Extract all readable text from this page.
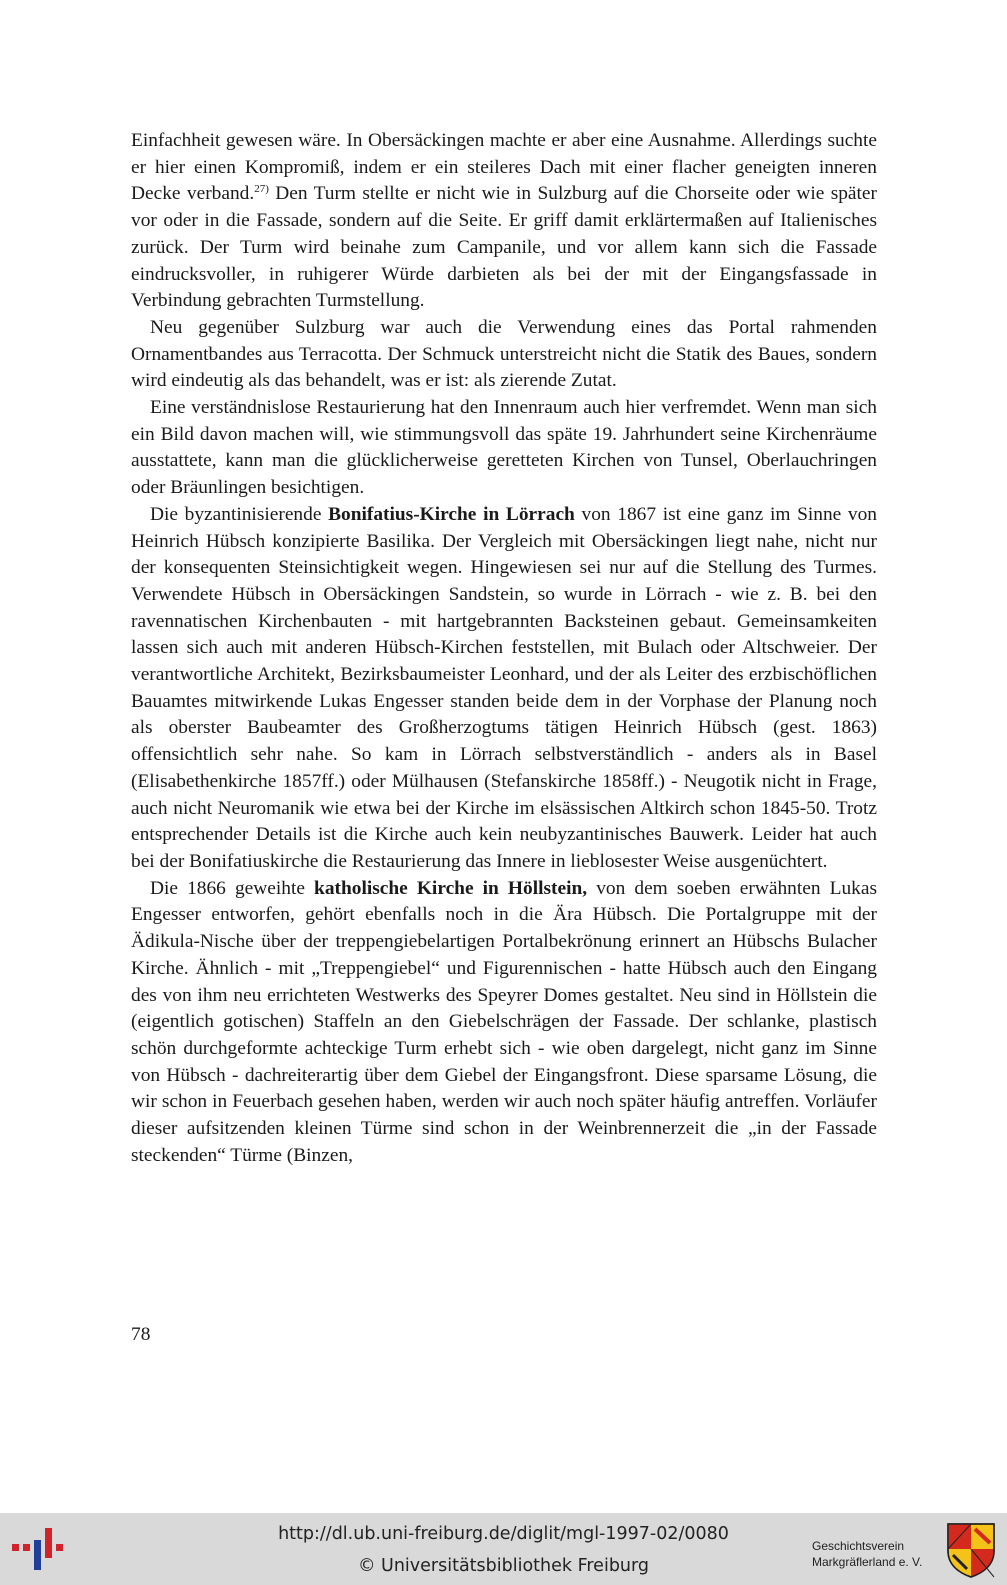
Einfachheit gewesen wäre. In Obersäckingen machte er aber eine Ausnahme. Allerdings suchte er hier einen Kompromiß, indem er ein steileres Dach mit einer flacher geneigten inneren Decke verband.$^{27)}$ Den Turm stellte er nicht wie in Sulzburg auf die Chorseite oder wie später vor oder in die Fassade, sondern auf die Seite. Er griff damit erklärtermaßen auf Italienisches zurück. Der Turm wird beinahe zum Campanile, und vor allem kann sich die Fassade eindrucksvoller, in ruhigerer Würde darbieten als bei der mit der Eingangsfassade in Verbindung gebrachten Turmstellung.

Neu gegenüber Sulzburg war auch die Verwendung eines das Portal rahmenden Ornamentbandes aus Terracotta. Der Schmuck unterstreicht nicht die Statik des Baues, sondern wird eindeutig als das behandelt, was er ist: als zierende Zutat.

Eine verständnislose Restaurierung hat den Innenraum auch hier verfremdet. Wenn man sich ein Bild davon machen will, wie stimmungsvoll das späte 19. Jahrhundert seine Kirchenräume ausstattete, kann man die glücklicherweise geretteten Kirchen von Tunsel, Oberlauchringen oder Bräunlingen besichtigen.

Die byzantinisierende Bonifatius-Kirche in Lörrach von 1867 ist eine ganz im Sinne von Heinrich Hübsch konzipierte Basilika. Der Vergleich mit Obersäckingen liegt nahe, nicht nur der konsequenten Steinsichtigkeit wegen. Hingewiesen sei nur auf die Stellung des Turmes. Verwendete Hübsch in Obersäckingen Sandstein, so wurde in Lörrach - wie z. B. bei den ravennatischen Kirchenbauten - mit hartgebrannten Backsteinen gebaut. Gemeinsamkeiten lassen sich auch mit anderen Hübsch-Kirchen feststellen, mit Bulach oder Altschweier. Der verantwortliche Architekt, Bezirksbaumeister Leonhard, und der als Leiter des erzbischöflichen Bauamtes mitwirkende Lukas Engesser standen beide dem in der Vorphase der Planung noch als oberster Baubeamter des Großherzogtums tätigen Heinrich Hübsch (gest. 1863) offensichtlich sehr nahe. So kam in Lörrach selbstverständlich - anders als in Basel (Elisabethenkirche 1857ff.) oder Mülhausen (Stefanskirche 1858ff.) - Neugotik nicht in Frage, auch nicht Neuromanik wie etwa bei der Kirche im elsässischen Altkirch schon 1845-50. Trotz entsprechender Details ist die Kirche auch kein neubyzantinisches Bauwerk. Leider hat auch bei der Bonifatiuskirche die Restaurierung das Innere in lieblosester Weise ausgenüchtert.

Die 1866 geweihte katholische Kirche in Höllstein, von dem soeben erwähnten Lukas Engesser entworfen, gehört ebenfalls noch in die Ära Hübsch. Die Portalgruppe mit der Ädikula-Nische über der treppengiebelartigen Portalbekrönung erinnert an Hübschs Bulacher Kirche. Ähnlich - mit „Treppengiebel“ und Figurennischen - hatte Hübsch auch den Eingang des von ihm neu errichteten Westwerks des Speyrer Domes gestaltet. Neu sind in Höllstein die (eigentlich gotischen) Staffeln an den Giebelschrägen der Fassade. Der schlanke, plastisch schön durchgeformte achteckige Turm erhebt sich - wie oben dargelegt, nicht ganz im Sinne von Hübsch - dachreiterartig über dem Giebel der Eingangsfront. Diese sparsame Lösung, die wir schon in Feuerbach gesehen haben, werden wir auch noch später häufig antreffen. Vorläufer dieser aufsitzenden kleinen Türme sind schon in der Weinbrennerzeit die „in der Fassade steckenden“ Türme (Binzen,

78
http://dl.ub.uni-freiburg.de/diglit/mgl-1997-02/0080
© Universitätsbibliothek Freiburg
Geschichtsverein
Markgräflerland e. V.
